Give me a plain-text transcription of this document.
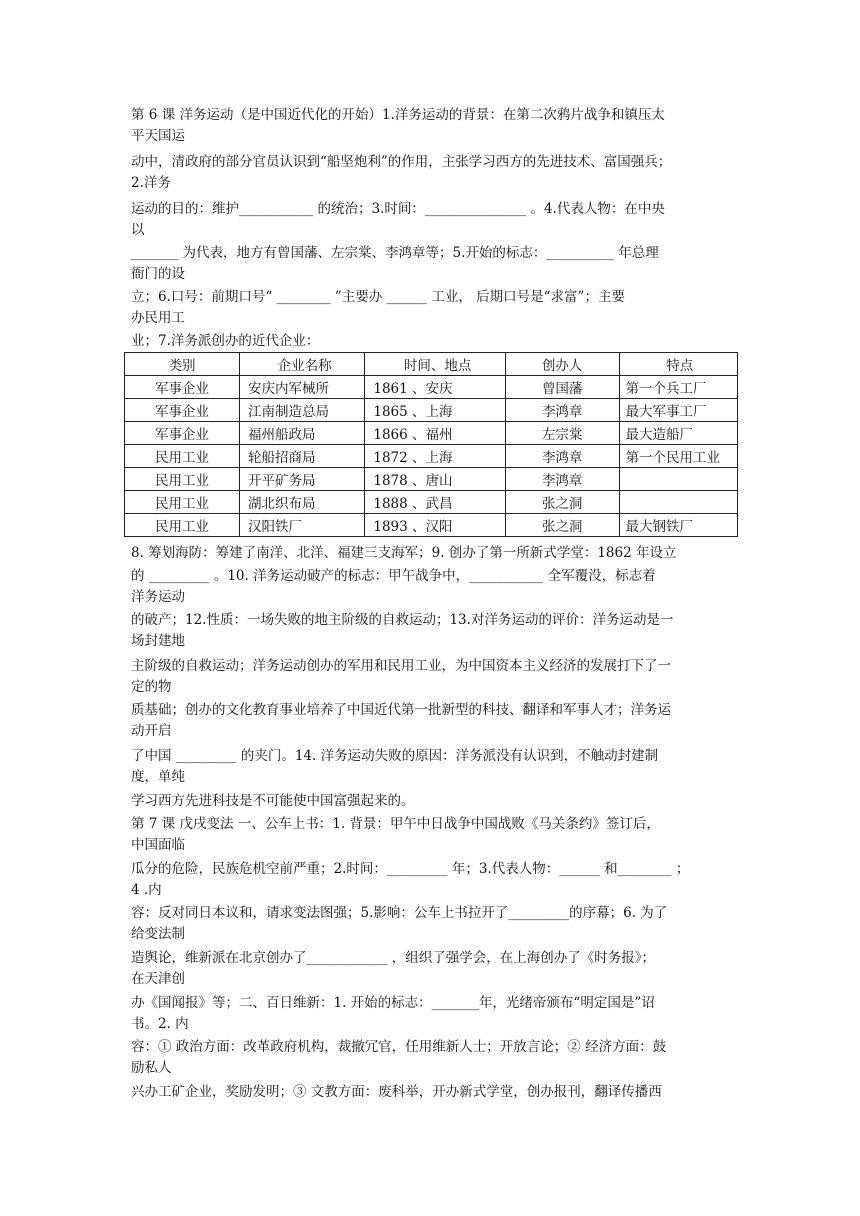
第 6 课 洋务运动（是中国近代化的开始）1.洋务运动的背景：在第二次鸦片战争和镇压太
平天国运
动中，清政府的部分官员认识到“船坚炮利”的作用，主张学习西方的先进技术、富国强兵；
2.洋务
运动的目的：维护___________ 的统治；3.时间：_______________ 。4.代表人物：在中央
以
_______ 为代表，地方有曾国藩、左宗棠、李鸿章等；5.开始的标志：__________ 年总理
衙门的设
立；6.口号：前期口号“ ________ ”主要办 ______ 工业， 后期口号是“求富”；主要
办民用工
业；7.洋务派创办的近代企业：
类别	企业名称	时间、地点	创办人	特点
军事企业	安庆内军械所	1861 、安庆	曾国藩	第一个兵工厂
军事企业	江南制造总局	1865 、上海	李鸿章	最大军事工厂
军事企业	福州船政局	1866 、福州	左宗棠	最大造船厂
民用工业	轮船招商局	1872 、上海	李鸿章	第一个民用工业
民用工业	开平矿务局	1878 、唐山	李鸿章	
民用工业	湖北织布局	1888 、武昌	张之洞	
民用工业	汉阳铁厂	1893 、汉阳	张之洞	最大钢铁厂
8. 筹划海防：筹建了南洋、北洋、福建三支海军；9. 创办了第一所新式学堂：1862 年设立
的 _________ 。10. 洋务运动破产的标志：甲午战争中，___________ 全军覆没，标志着
洋务运动
的破产；12.性质：一场失败的地主阶级的自救运动；13.对洋务运动的评价：洋务运动是一
场封建地
主阶级的自救运动；洋务运动创办的军用和民用工业，为中国资本主义经济的发展打下了一
定的物
质基础；创办的文化教育事业培养了中国近代第一批新型的科技、翻译和军事人才；洋务运
动开启
了中国 _________ 的夹门。14. 洋务运动失败的原因：洋务派没有认识到，不触动封建制
度，单纯
学习西方先进科技是不可能使中国富强起来的。
第 7 课 戊戌变法 一、公车上书：1. 背景：甲午中日战争中国战败《马关条约》签订后，
中国面临
瓜分的危险，民族危机空前严重；2.时间：_________ 年；3.代表人物：______ 和________ ；
4 .内
容：反对同日本议和，请求变法图强；5.影响：公车上书拉开了_________的序幕；6. 为了
给变法制
造舆论，维新派在北京创办了____________ ，组织了强学会，在上海创办了《时务报》；
在天津创
办《国闻报》等；二、百日维新：1. 开始的标志：_______年，光绪帝颁布“明定国是”诏
书。2. 内
容：① 政治方面：改革政府机构，裁撤冗官，任用维新人士；开放言论；② 经济方面：鼓
励私人
兴办工矿企业，奖励发明；③ 文教方面：废科举，开办新式学堂，创办报刊，翻译传播西
